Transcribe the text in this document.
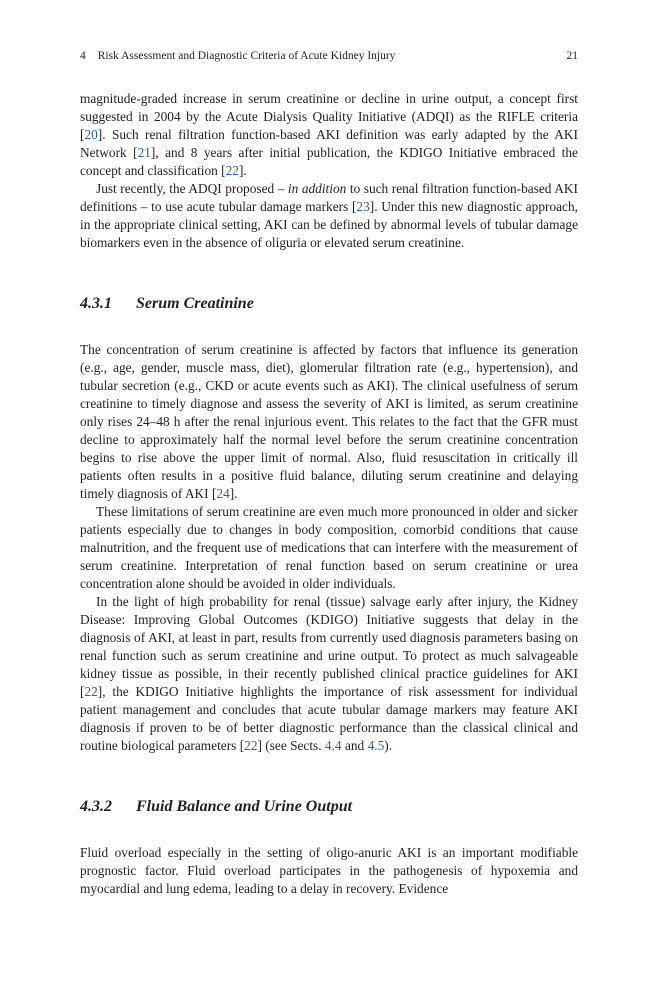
4 Risk Assessment and Diagnostic Criteria of Acute Kidney Injury	21

magnitude-graded increase in serum creatinine or decline in urine output, a concept first suggested in 2004 by the Acute Dialysis Quality Initiative (ADQI) as the RIFLE criteria [20]. Such renal filtration function-based AKI definition was early adapted by the AKI Network [21], and 8 years after initial publication, the KDIGO Initiative embraced the concept and classification [22].

Just recently, the ADQI proposed – in addition to such renal filtration function-based AKI definitions – to use acute tubular damage markers [23]. Under this new diagnostic approach, in the appropriate clinical setting, AKI can be defined by abnormal levels of tubular damage biomarkers even in the absence of oliguria or elevated serum creatinine.

4.3.1 Serum Creatinine

The concentration of serum creatinine is affected by factors that influence its generation (e.g., age, gender, muscle mass, diet), glomerular filtration rate (e.g., hypertension), and tubular secretion (e.g., CKD or acute events such as AKI). The clinical usefulness of serum creatinine to timely diagnose and assess the severity of AKI is limited, as serum creatinine only rises 24–48 h after the renal injurious event. This relates to the fact that the GFR must decline to approximately half the normal level before the serum creatinine concentration begins to rise above the upper limit of normal. Also, fluid resuscitation in critically ill patients often results in a positive fluid balance, diluting serum creatinine and delaying timely diagnosis of AKI [24].

These limitations of serum creatinine are even much more pronounced in older and sicker patients especially due to changes in body composition, comorbid conditions that cause malnutrition, and the frequent use of medications that can interfere with the measurement of serum creatinine. Interpretation of renal function based on serum creatinine or urea concentration alone should be avoided in older individuals.

In the light of high probability for renal (tissue) salvage early after injury, the Kidney Disease: Improving Global Outcomes (KDIGO) Initiative suggests that delay in the diagnosis of AKI, at least in part, results from currently used diagnosis parameters basing on renal function such as serum creatinine and urine output. To protect as much salvageable kidney tissue as possible, in their recently published clinical practice guidelines for AKI [22], the KDIGO Initiative highlights the importance of risk assessment for individual patient management and concludes that acute tubular damage markers may feature AKI diagnosis if proven to be of better diagnostic performance than the classical clinical and routine biological parameters [22] (see Sects. 4.4 and 4.5).

4.3.2 Fluid Balance and Urine Output

Fluid overload especially in the setting of oligo-anuric AKI is an important modifiable prognostic factor. Fluid overload participates in the pathogenesis of hypoxemia and myocardial and lung edema, leading to a delay in recovery. Evidence
